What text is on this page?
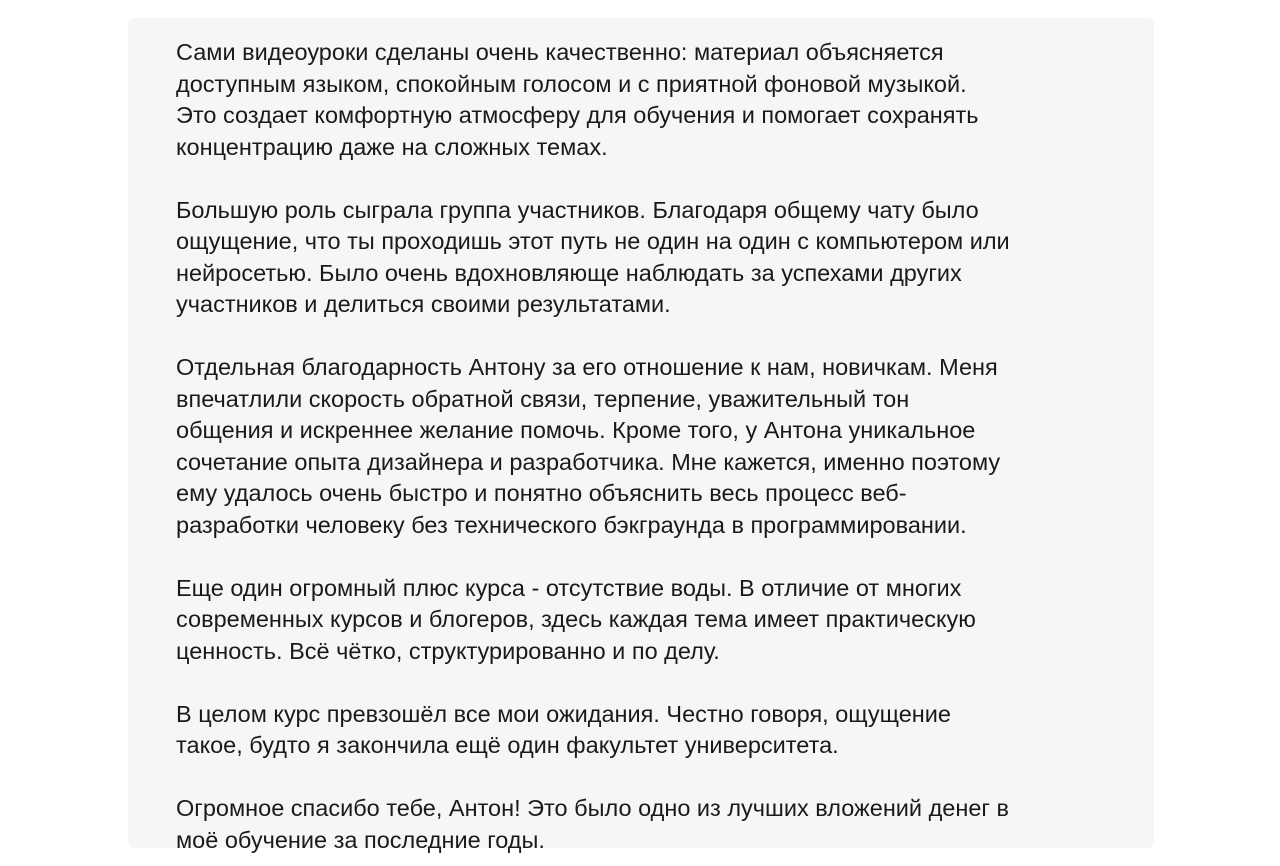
Сами видеоуроки сделаны очень качественно: материал объясняется
доступным языком, спокойным голосом и с приятной фоновой музыкой.
Это создает комфортную атмосферу для обучения и помогает сохранять
концентрацию даже на сложных темах.

Большую роль сыграла группа участников. Благодаря общему чату было
ощущение, что ты проходишь этот путь не один на один с компьютером или
нейросетью. Было очень вдохновляюще наблюдать за успехами других
участников и делиться своими результатами.

Отдельная благодарность Антону за его отношение к нам, новичкам. Меня
впечатлили скорость обратной связи, терпение, уважительный тон
общения и искреннее желание помочь. Кроме того, у Антона уникальное
сочетание опыта дизайнера и разработчика. Мне кажется, именно поэтому
ему удалось очень быстро и понятно объяснить весь процесс веб-
разработки человеку без технического бэкграунда в программировании.

Еще один огромный плюс курса - отсутствие воды. В отличие от многих
современных курсов и блогеров, здесь каждая тема имеет практическую
ценность. Всё чётко, структурированно и по делу.

В целом курс превзошёл все мои ожидания. Честно говоря, ощущение
такое, будто я закончила ещё один факультет университета.

Огромное спасибо тебе, Антон! Это было одно из лучших вложений денег в
моё обучение за последние годы.
